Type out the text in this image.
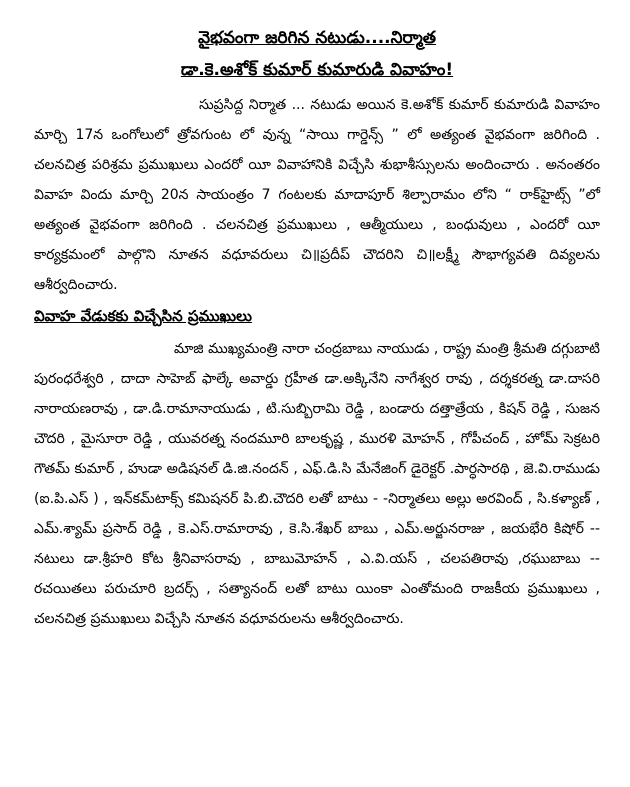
వైభవంగా జరిగిన నటుడు....నిర్మాత
డా.కె.అశోక్ కుమార్ కుమారుడి వివాహం!

సుప్రసిద్ద నిర్మాత ... నటుడు అయిన కె.అశోక్ కుమార్ కుమారుడి వివాహం మార్చి 17న ఒంగోలులో త్రోవగుంట లో వున్న “సాయి గార్డెన్స్ ” లో అత్యంత వైభవంగా జరిగింది . చలనచిత్ర పరిశ్రమ ప్రముఖులు ఎందరో యీ వివాహానికి విచ్చేసి శుభాశీస్సులను అందించారు . అనంతరం వివాహ విందు మార్చి 20న సాయంత్రం 7 గంటలకు మాదాపూర్ శిల్పారామం లోని “ రాక్‌హైట్స్ ”లో అత్యంత వైభవంగా జరిగింది . చలనచిత్ర ప్రముఖులు , ఆత్మీయులు , బంధువులు , ఎందరో యీ కార్యక్రమంలో పాల్గొని నూతన వధూవరులు చి॥ప్రదీప్ చౌదరిని చి॥లక్ష్మీ సౌభాగ్యవతి దివ్యలను ఆశీర్వదించారు.

వివాహ వేడుకకు విచ్చేసిన ప్రముఖులు

మాజి ముఖ్యమంత్రి నారా చంద్రబాబు నాయుడు , రాష్ట్ర మంత్రి శ్రీమతి దగ్గుబాటి పురంధరేశ్వరి , దాదా సాహెబ్ ఫాల్కే అవార్డు గ్రహీత డా.అక్కినేని నాగేశ్వర రావు , దర్శకరత్న డా.దాసరి నారాయణరావు , డా.డి.రామానాయుడు , టి.సుబ్బిరామి రెడ్డి , బండారు దత్తాత్రేయ , కిషన్ రెడ్డి , సుజన చౌదరి , మైసూరా రెడ్డి , యువరత్న నందమూరి బాలకృష్ణ , మురళి మోహన్ , గోపీచంద్ , హోమ్ సెక్రటరి గౌతమ్ కుమార్ , హుడా అడిషనల్ డి.జి.నందన్ , ఎఫ్.డి.సి మేనేజింగ్ డైరెక్టర్ .పార్ధసారథి , జె.వి.రాముడు (ఐ.పి.ఎస్ ) , ఇన్‌కమ్‌టాక్స్ కమిషనర్ పి.బి.చౌదరి లతో బాటు - -నిర్మాతలు అల్లు అరవింద్ , సి.కళ్యాణ్ , ఎమ్.శ్యామ్ ప్రసాద్ రెడ్డి , కె.ఎస్.రామారావు , కె.సి.శేఖర్ బాబు , ఎమ్.అర్జునరాజు , జయభేరి కిషోర్ -- నటులు డా.శ్రీహరి కోట శ్రీనివాసరావు , బాబుమోహన్ , ఎ.వి.యస్ , చలపతిరావు ,రఘుబాబు --రచయితలు పరుచూరి బ్రదర్స్ , సత్యానంద్ లతో బాటు యింకా ఎంతోమంది రాజకీయ ప్రముఖులు , చలనచిత్ర ప్రముఖులు విచ్చేసి నూతన వధూవరులను ఆశీర్వదించారు.
